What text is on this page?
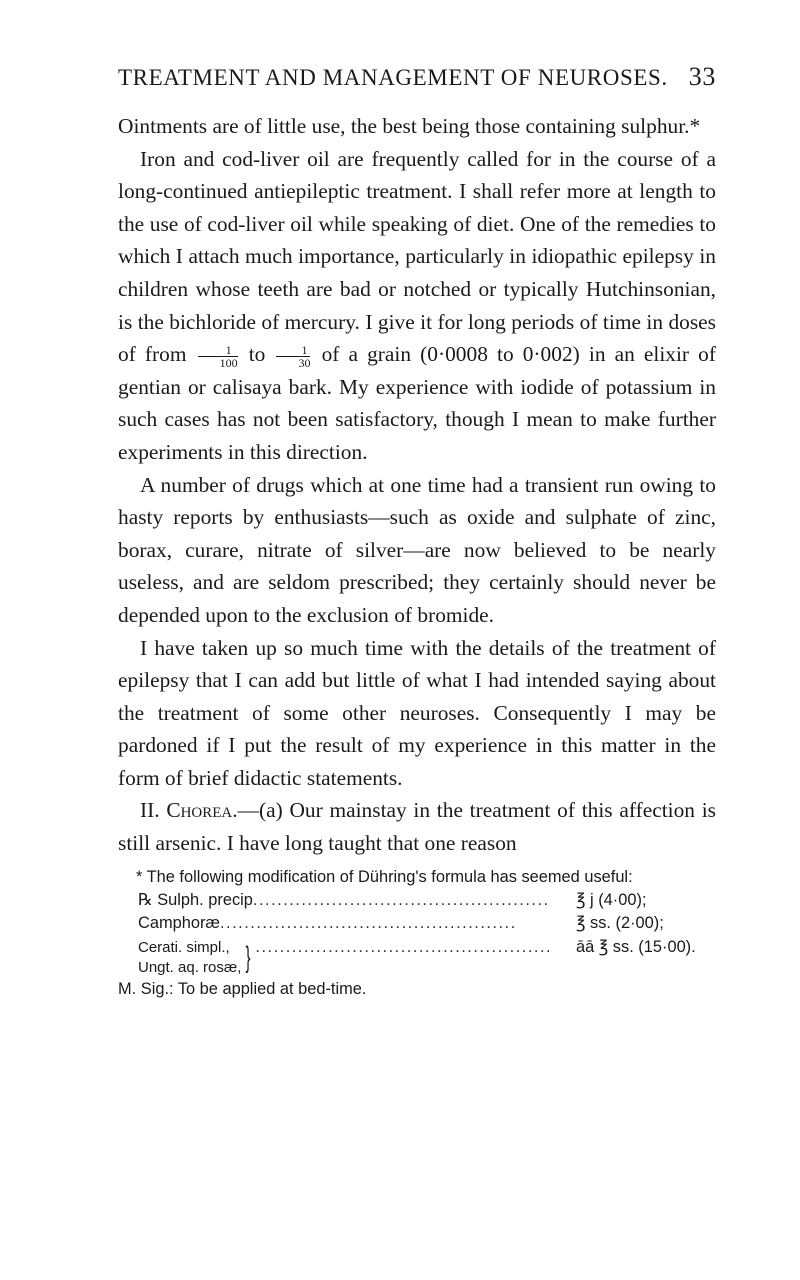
TREATMENT AND MANAGEMENT OF NEUROSES. 33

Ointments are of little use, the best being those containing sulphur.*

Iron and cod-liver oil are frequently called for in the course of a long-continued antiepileptic treatment. I shall refer more at length to the use of cod-liver oil while speaking of diet. One of the remedies to which I attach much importance, particularly in idiopathic epilepsy in children whose teeth are bad or notched or typically Hutchinsonian, is the bichloride of mercury. I give it for long periods of time in doses of from $\frac{1}{100}$ to $\frac{1}{30}$ of a grain (0·0008 to 0·002) in an elixir of gentian or calisaya bark. My experience with iodide of potassium in such cases has not been satisfactory, though I mean to make further experiments in this direction.

A number of drugs which at one time had a transient run owing to hasty reports by enthusiasts—such as oxide and sulphate of zinc, borax, curare, nitrate of silver—are now believed to be nearly useless, and are seldom prescribed; they certainly should never be depended upon to the exclusion of bromide.

I have taken up so much time with the details of the treatment of epilepsy that I can add but little of what I had intended saying about the treatment of some other neuroses. Consequently I may be pardoned if I put the result of my experience in this matter in the form of brief didactic statements.

II. Chorea.—(a) Our mainstay in the treatment of this affection is still arsenic. I have long taught that one reason

* The following modification of Dühring's formula has seemed useful:

℞ Sulph. precip .................................................	℥ j (4·00);
Camphoræ .................................................	℥ ss. (2·00);
Cerati. simpl.,
Ungt. aq. rosæ, } .................................................	āā ℥ ss. (15·00).

M. Sig.: To be applied at bed-time.
